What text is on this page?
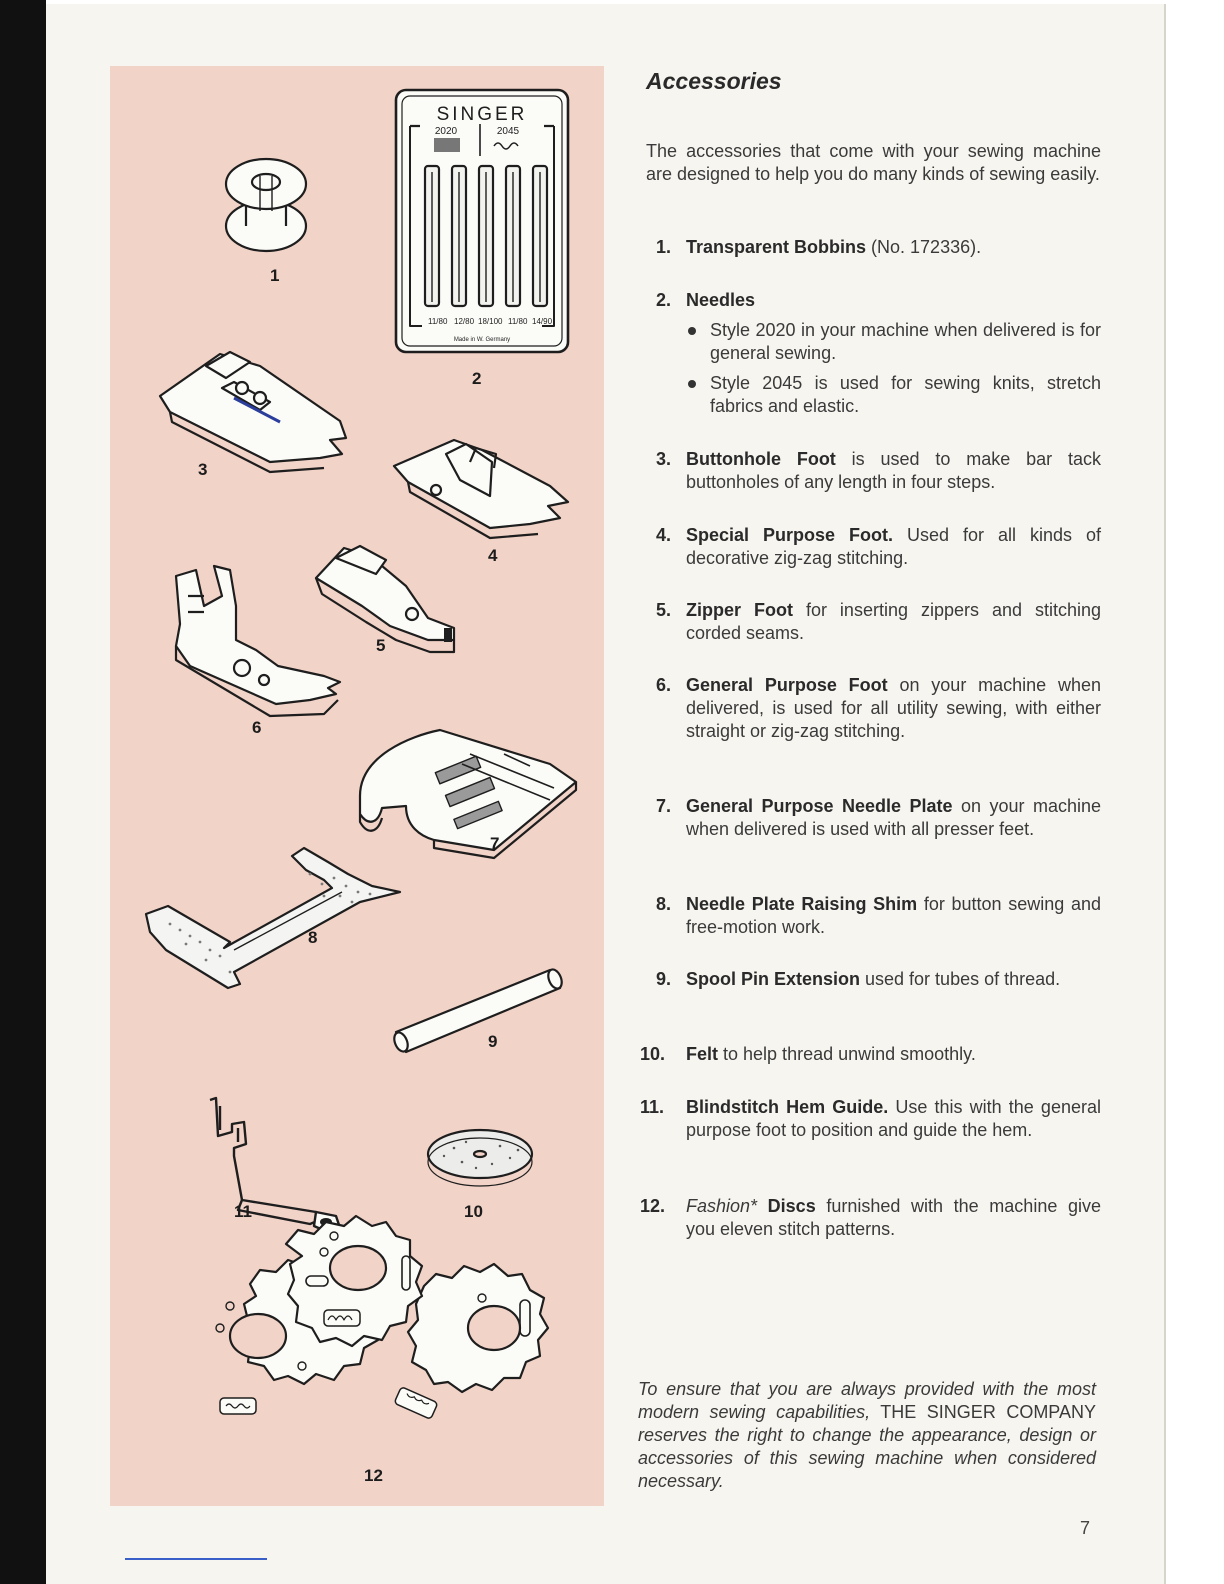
SINGER
2020	2045
11/80 12/80 18/100 11/80 14/90
Made in W. Germany
1
2
3
4
5
6
7
8
9
10
11
12
Accessories

The accessories that come with your sewing machine are designed to help you do many kinds of sewing easily.

1. Transparent Bobbins (No. 172336).
2. Needles
Style 2020 in your machine when delivered is for general sewing.
Style 2045 is used for sewing knits, stretch fabrics and elastic.
3. Buttonhole Foot is used to make bar tack buttonholes of any length in four steps.
4. Special Purpose Foot. Used for all kinds of decorative zig-zag stitching.
5. Zipper Foot for inserting zippers and stitching corded seams.
6. General Purpose Foot on your machine when delivered, is used for all utility sewing, with either straight or zig-zag stitching.
7. General Purpose Needle Plate on your machine when delivered is used with all presser feet.
8. Needle Plate Raising Shim for button sewing and free-motion work.
9. Spool Pin Extension used for tubes of thread.
10.	Felt to help thread unwind smoothly.
11.	Blindstitch Hem Guide. Use this with the general purpose foot to position and guide the hem.
12.	Fashion* Discs furnished with the machine give you eleven stitch patterns.

To ensure that you are always provided with the most modern sewing capabilities, THE SINGER COMPANY reserves the right to change the appearance, design or accessories of this sewing machine when considered necessary.

7
